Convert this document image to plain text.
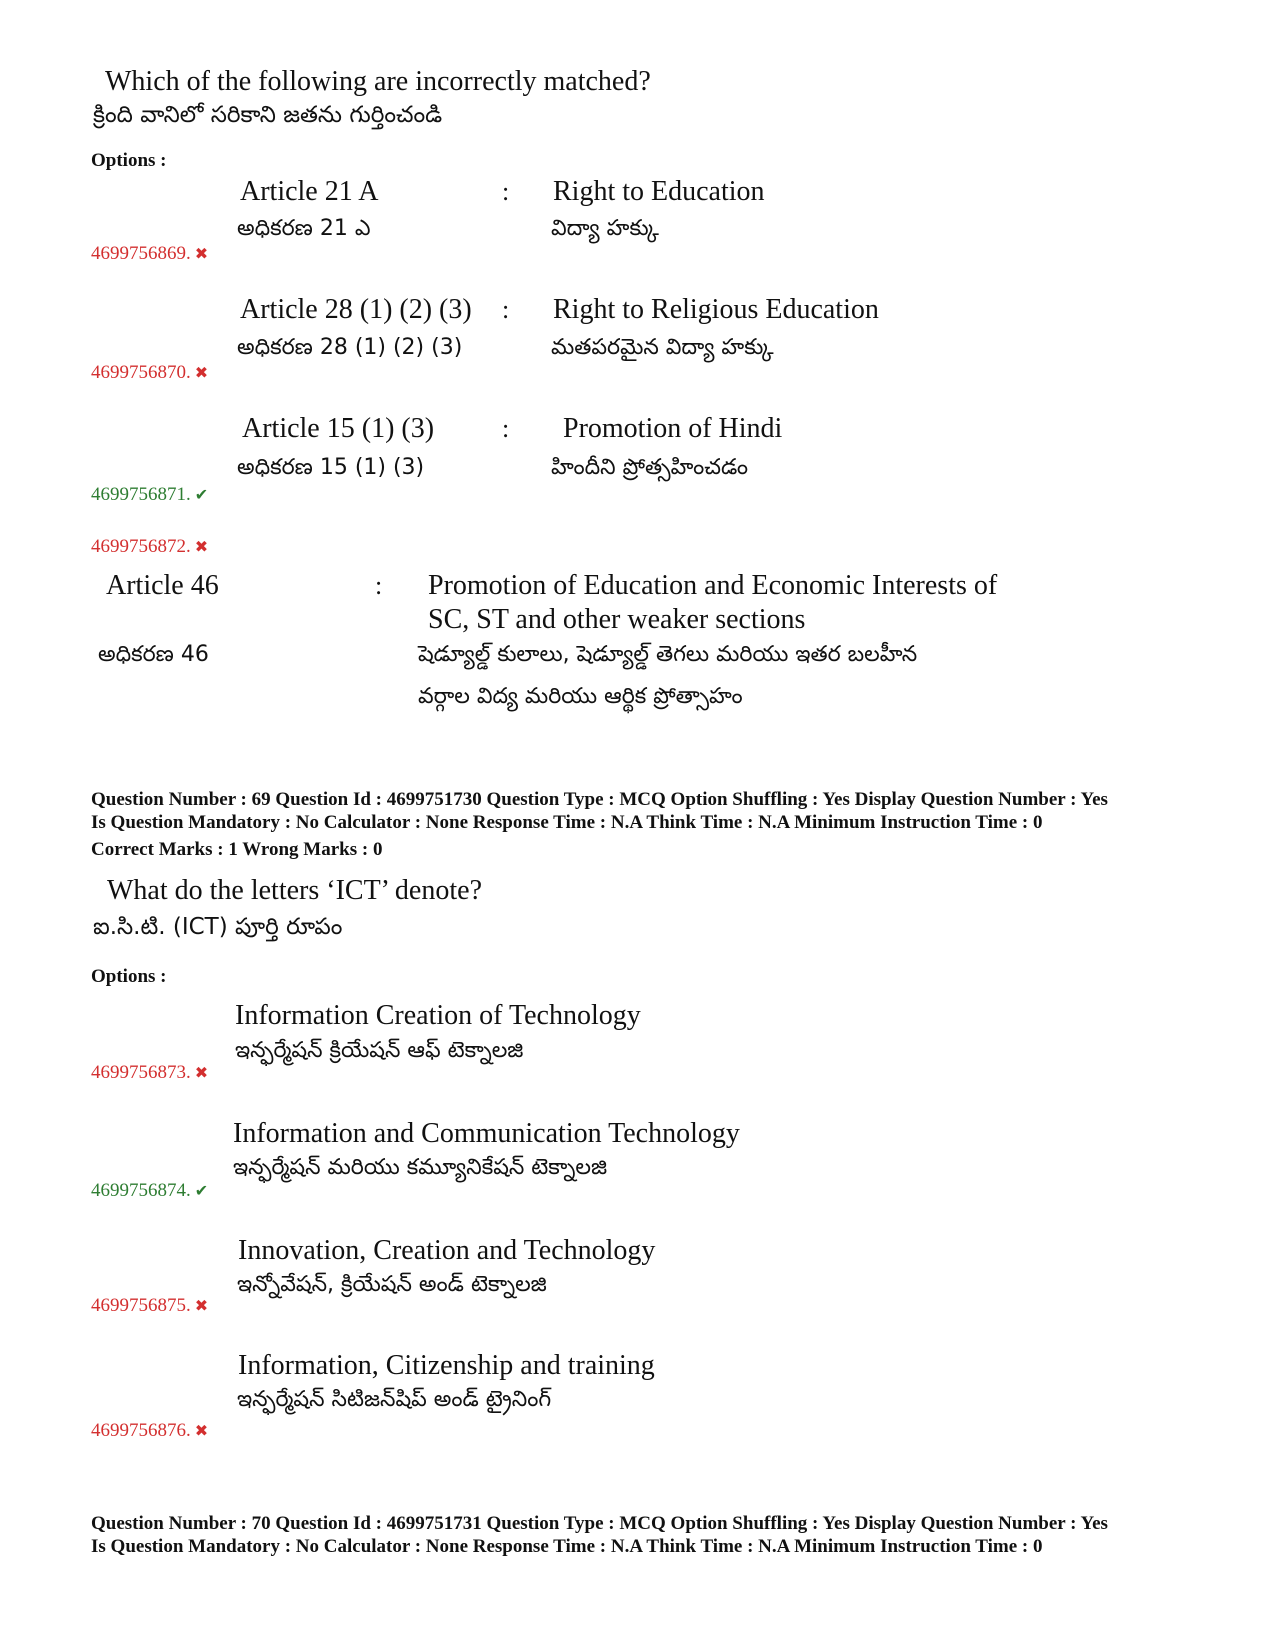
Which of the following are incorrectly matched?
క్రింది వానిలో సరికాని జతను గుర్తించండి
Options :
Article 21 A	: Right to Education
అధికరణ 21 ఎ	విద్యా హక్కు
4699756869. ✖
Article 28 (1) (2) (3) : Right to Religious Education
అధికరణ 28 (1) (2) (3)	మతపరమైన విద్యా హక్కు
4699756870. ✖
Article 15 (1) (3)	: Promotion of Hindi
అధికరణ 15 (1) (3)	హిందీని ప్రోత్సహించడం
4699756871. ✔
4699756872. ✖
Article 46	: Promotion of Education and Economic Interests of
SC, ST and other weaker sections
అధికరణ 46	షెడ్యూల్డ్ కులాలు, షెడ్యూల్డ్ తెగలు మరియు ఇతర బలహీన
వర్గాల విద్య మరియు ఆర్థిక ప్రోత్సాహం
Question Number : 69 Question Id : 4699751730 Question Type : MCQ Option Shuffling : Yes Display Question Number : Yes
Is Question Mandatory : No Calculator : None Response Time : N.A Think Time : N.A Minimum Instruction Time : 0
Correct Marks : 1 Wrong Marks : 0
What do the letters ‘ICT’ denote?
ఐ.సి.టి. (ICT) పూర్తి రూపం
Options :
Information Creation of Technology
ఇన్ఫర్మేషన్ క్రియేషన్ ఆఫ్ టెక్నాలజి
4699756873. ✖
Information and Communication Technology
ఇన్ఫర్మేషన్ మరియు కమ్యూనికేషన్ టెక్నాలజి
4699756874. ✔
Innovation, Creation and Technology
ఇన్నోవేషన్, క్రియేషన్ అండ్ టెక్నాలజి
4699756875. ✖
Information, Citizenship and training
ఇన్ఫర్మేషన్ సిటిజన్‌షిప్ అండ్ ట్రైనింగ్
4699756876. ✖
Question Number : 70 Question Id : 4699751731 Question Type : MCQ Option Shuffling : Yes Display Question Number : Yes
Is Question Mandatory : No Calculator : None Response Time : N.A Think Time : N.A Minimum Instruction Time : 0
